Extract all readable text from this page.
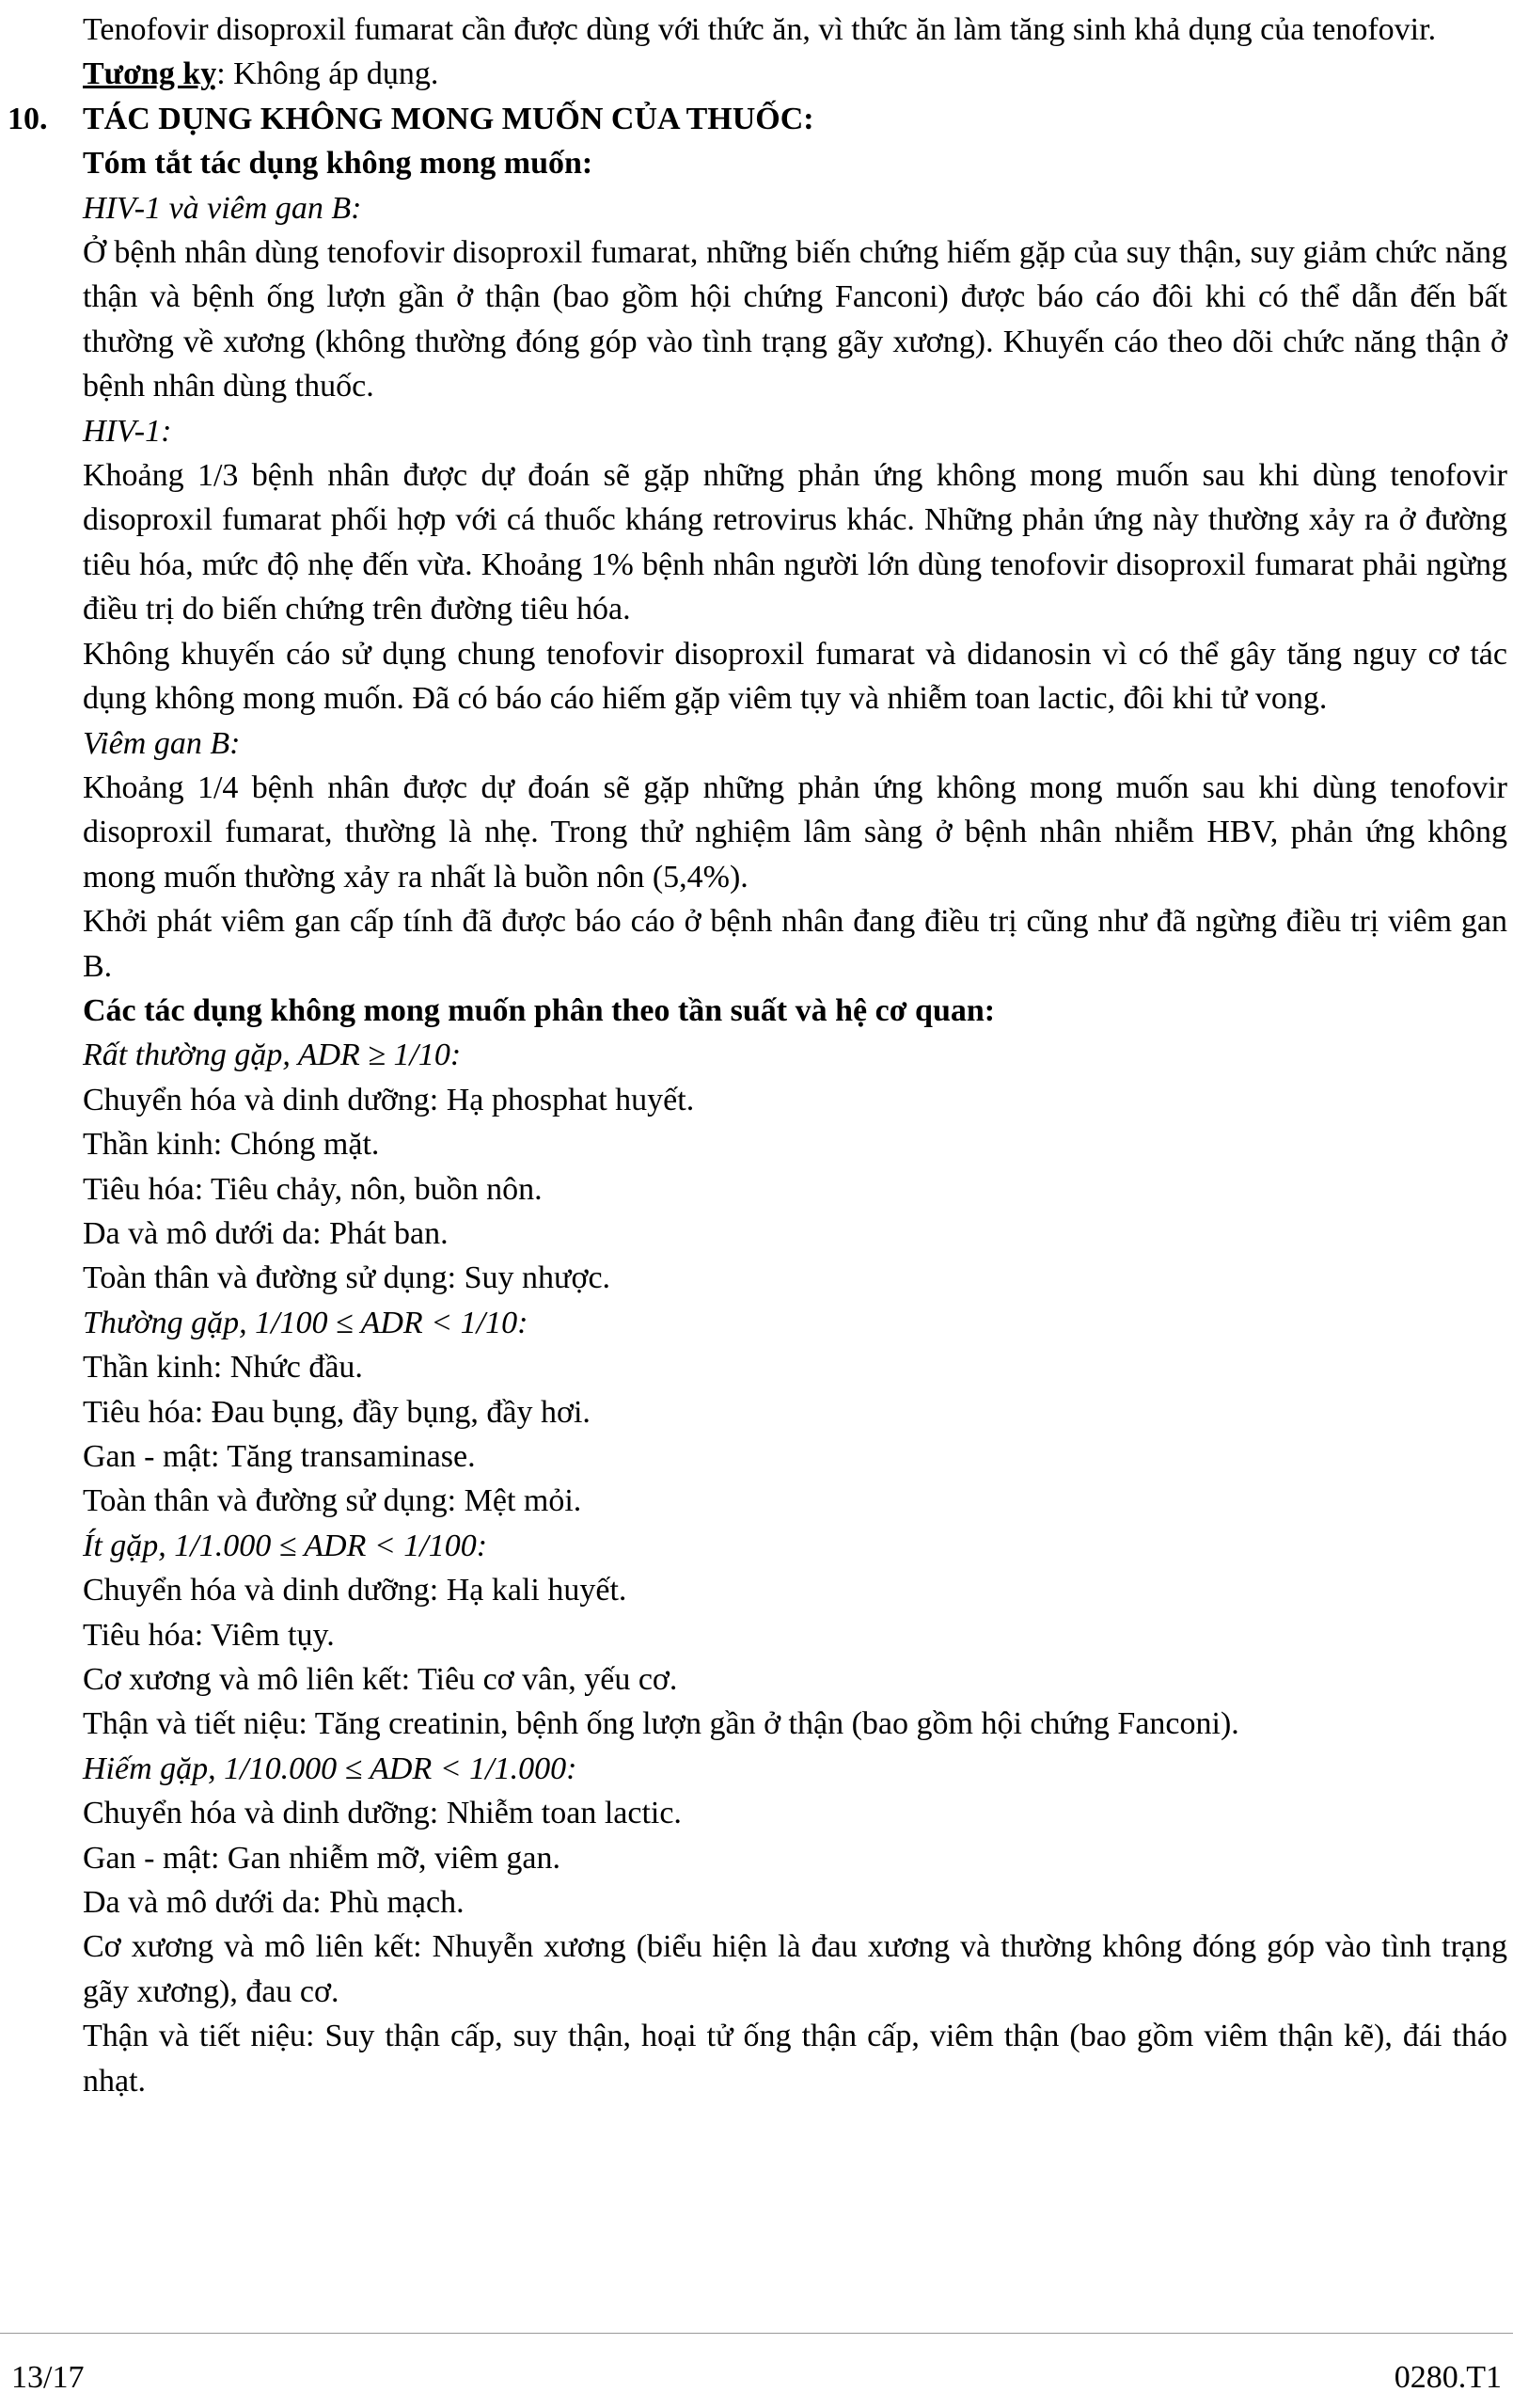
Tenofovir disoproxil fumarat cần được dùng với thức ăn, vì thức ăn làm tăng sinh khả dụng của tenofovir.

Tương kỵ: Không áp dụng.

10. TÁC DỤNG KHÔNG MONG MUỐN CỦA THUỐC:

Tóm tắt tác dụng không mong muốn:

HIV-1 và viêm gan B:

Ở bệnh nhân dùng tenofovir disoproxil fumarat, những biến chứng hiếm gặp của suy thận, suy giảm chức năng thận và bệnh ống lượn gần ở thận (bao gồm hội chứng Fanconi) được báo cáo đôi khi có thể dẫn đến bất thường về xương (không thường đóng góp vào tình trạng gãy xương). Khuyến cáo theo dõi chức năng thận ở bệnh nhân dùng thuốc.

HIV-1:

Khoảng 1/3 bệnh nhân được dự đoán sẽ gặp những phản ứng không mong muốn sau khi dùng tenofovir disoproxil fumarat phối hợp với cá thuốc kháng retrovirus khác. Những phản ứng này thường xảy ra ở đường tiêu hóa, mức độ nhẹ đến vừa. Khoảng 1% bệnh nhân người lớn dùng tenofovir disoproxil fumarat phải ngừng điều trị do biến chứng trên đường tiêu hóa.

Không khuyến cáo sử dụng chung tenofovir disoproxil fumarat và didanosin vì có thể gây tăng nguy cơ tác dụng không mong muốn. Đã có báo cáo hiếm gặp viêm tụy và nhiễm toan lactic, đôi khi tử vong.

Viêm gan B:

Khoảng 1/4 bệnh nhân được dự đoán sẽ gặp những phản ứng không mong muốn sau khi dùng tenofovir disoproxil fumarat, thường là nhẹ. Trong thử nghiệm lâm sàng ở bệnh nhân nhiễm HBV, phản ứng không mong muốn thường xảy ra nhất là buồn nôn (5,4%).

Khởi phát viêm gan cấp tính đã được báo cáo ở bệnh nhân đang điều trị cũng như đã ngừng điều trị viêm gan B.

Các tác dụng không mong muốn phân theo tần suất và hệ cơ quan:

Rất thường gặp, ADR ≥ 1/10:

Chuyển hóa và dinh dưỡng: Hạ phosphat huyết.

Thần kinh: Chóng mặt.

Tiêu hóa: Tiêu chảy, nôn, buồn nôn.

Da và mô dưới da: Phát ban.

Toàn thân và đường sử dụng: Suy nhược.

Thường gặp, 1/100 ≤ ADR < 1/10:

Thần kinh: Nhức đầu.

Tiêu hóa: Đau bụng, đầy bụng, đầy hơi.

Gan - mật: Tăng transaminase.

Toàn thân và đường sử dụng: Mệt mỏi.

Ít gặp, 1/1.000 ≤ ADR < 1/100:

Chuyển hóa và dinh dưỡng: Hạ kali huyết.

Tiêu hóa: Viêm tụy.

Cơ xương và mô liên kết: Tiêu cơ vân, yếu cơ.

Thận và tiết niệu: Tăng creatinin, bệnh ống lượn gần ở thận (bao gồm hội chứng Fanconi).

Hiếm gặp, 1/10.000 ≤ ADR < 1/1.000:

Chuyển hóa và dinh dưỡng: Nhiễm toan lactic.

Gan - mật: Gan nhiễm mỡ, viêm gan.

Da và mô dưới da: Phù mạch.

Cơ xương và mô liên kết: Nhuyễn xương (biểu hiện là đau xương và thường không đóng góp vào tình trạng gãy xương), đau cơ.

Thận và tiết niệu: Suy thận cấp, suy thận, hoại tử ống thận cấp, viêm thận (bao gồm viêm thận kẽ), đái tháo nhạt.

13/17	0280.T1
